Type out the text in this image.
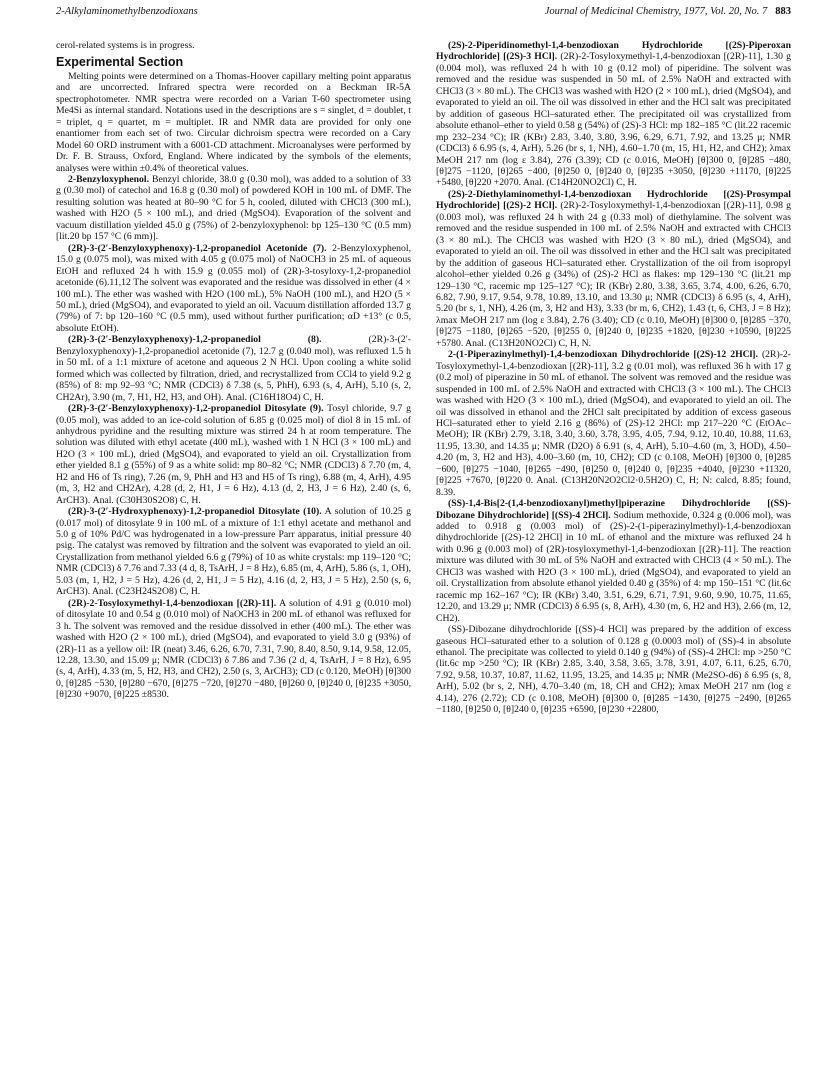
2-Alkylaminomethylbenzodioxans	Journal of Medicinal Chemistry, 1977, Vol. 20, No. 7 883

cerol-related systems is in progress.

Experimental Section

Melting points were determined on a Thomas-Hoover capillary melting point apparatus and are uncorrected. Infrared spectra were recorded on a Beckman IR-5A spectrophotometer. NMR spectra were recorded on a Varian T-60 spectrometer using Me4Si as internal standard. Notations used in the descriptions are s = singlet, d = doublet, t = triplet, q = quartet, m = multiplet. IR and NMR data are provided for only one enantiomer from each set of two. Circular dichroism spectra were recorded on a Cary Model 60 ORD instrument with a 6001-CD attachment. Microanalyses were performed by Dr. F. B. Strauss, Oxford, England. Where indicated by the symbols of the elements, analyses were within ±0.4% of theoretical values.

2-Benzyloxyphenol. Benzyl chloride, 38.0 g (0.30 mol), was added to a solution of 33 g (0.30 mol) of catechol and 16.8 g (0.30 mol) of powdered KOH in 100 mL of DMF. The resulting solution was heated at 80–90 °C for 5 h, cooled, diluted with CHCl3 (300 mL), washed with H2O (5 × 100 mL), and dried (MgSO4). Evaporation of the solvent and vacuum distillation yielded 45.0 g (75%) of 2-benzyloxyphenol: bp 125–130 °C (0.5 mm) [lit.20 bp 157 °C (6 mm)].

(2R)-3-(2′-Benzyloxyphenoxy)-1,2-propanediol Acetonide (7). 2-Benzyloxyphenol, 15.0 g (0.075 mol), was mixed with 4.05 g (0.075 mol) of NaOCH3 in 25 mL of aqueous EtOH and refluxed 24 h with 15.9 g (0.055 mol) of (2R)-3-tosyloxy-1,2-propanediol acetonide (6).11,12 The solvent was evaporated and the residue was dissolved in ether (4 × 100 mL). The ether was washed with H2O (100 mL), 5% NaOH (100 mL), and H2O (5 × 50 mL), dried (MgSO4), and evaporated to yield an oil. Vacuum distillation afforded 13.7 g (79%) of 7: bp 120–160 °C (0.5 mm), used without further purification; αD +13° (c 0.5, absolute EtOH).

(2R)-3-(2′-Benzyloxyphenoxy)-1,2-propanediol (8).	(2R)-3-(2′-Benzyloxyphenoxy)-1,2-propanediol acetonide (7), 12.7 g (0.040 mol), was refluxed 1.5 h in 50 mL of a 1:1 mixture of acetone and aqueous 2 N HCl. Upon cooling a white solid formed which was collected by filtration, dried, and recrystallized from CCl4 to yield 9.2 g (85%) of 8: mp 92–93 °C; NMR (CDCl3) δ 7.38 (s, 5, PhH), 6.93 (s, 4, ArH), 5.10 (s, 2, CH2Ar), 3.90 (m, 7, H1, H2, H3, and OH). Anal. (C16H18O4) C, H.

(2R)-3-(2′-Benzyloxyphenoxy)-1,2-propanediol Ditosylate (9). Tosyl chloride, 9.7 g (0.05 mol), was added to an ice-cold solution of 6.85 g (0.025 mol) of diol 8 in 15 mL of anhydrous pyridine and the resulting mixture was stirred 24 h at room temperature. The solution was diluted with ethyl acetate (400 mL), washed with 1 N HCl (3 × 100 mL) and H2O (3 × 100 mL), dried (MgSO4), and evaporated to yield an oil. Crystallization from ether yielded 8.1 g (55%) of 9 as a white solid: mp 80–82 °C; NMR (CDCl3) δ 7.70 (m, 4, H2 and H6 of Ts ring), 7.26 (m, 9, PhH and H3 and H5 of Ts ring), 6.88 (m, 4, ArH), 4.95 (m, 3, H2 and CH2Ar), 4.28 (d, 2, H1, J = 6 Hz), 4.13 (d, 2, H3, J = 6 Hz), 2.40 (s, 6, ArCH3). Anal. (C30H30S2O8) C, H.

(2R)-3-(2′-Hydroxyphenoxy)-1,2-propanediol Ditosylate (10). A solution of 10.25 g (0.017 mol) of ditosylate 9 in 100 mL of a mixture of 1:1 ethyl acetate and methanol and 5.0 g of 10% Pd/C was hydrogenated in a low-pressure Parr apparatus, initial pressure 40 psig. The catalyst was removed by filtration and the solvent was evaporated to yield an oil. Crystallization from methanol yielded 6.6 g (79%) of 10 as white crystals: mp 119–120 °C; NMR (CDCl3) δ 7.76 and 7.33 (4 d, 8, TsArH, J = 8 Hz), 6.85 (m, 4, ArH), 5.86 (s, 1, OH), 5.03 (m, 1, H2, J = 5 Hz), 4.26 (d, 2, H1, J = 5 Hz), 4.16 (d, 2, H3, J = 5 Hz), 2.50 (s, 6, ArCH3). Anal. (C23H24S2O8) C, H.

(2R)-2-Tosyloxymethyl-1,4-benzodioxan [(2R)-11]. A solution of 4.91 g (0.010 mol) of ditosylate 10 and 0.54 g (0.010 mol) of NaOCH3 in 200 mL of ethanol was refluxed for 3 h. The solvent was removed and the residue dissolved in ether (400 mL). The ether was washed with H2O (2 × 100 mL), dried (MgSO4), and evaporated to yield 3.0 g (93%) of (2R)-11 as a yellow oil: IR (neat) 3.46, 6.26, 6.70, 7.31, 7.90, 8.40, 8.50, 9.14, 9.58, 12.05, 12.28, 13.30, and 15.09 μ; NMR (CDCl3) δ 7.86 and 7.36 (2 d, 4, TsArH, J = 8 Hz), 6.95 (s, 4, ArH), 4.33 (m, 5, H2, H3, and CH2), 2.50 (s, 3, ArCH3); CD (c 0.120, MeOH) [θ]300 0, [θ]285 −530, [θ]280 −670, [θ]275 −720, [θ]270 −480, [θ]260 0, [θ]240 0, [θ]235 +3050, [θ]230 +9070, [θ]225 ±8530.

(2S)-2-Piperidinomethyl-1,4-benzodioxan Hydrochloride [(2S)-Piperoxan Hydrochloride] [(2S)-3 HCl]. (2R)-2-Tosyloxymethyl-1,4-benzodioxan [(2R)-11], 1.30 g (0.004 mol), was refluxed 24 h with 10 g (0.12 mol) of piperidine. The solvent was removed and the residue was suspended in 50 mL of 2.5% NaOH and extracted with CHCl3 (3 × 80 mL). The CHCl3 was washed with H2O (2 × 100 mL), dried (MgSO4), and evaporated to yield an oil. The oil was dissolved in ether and the HCl salt was precipitated by addition of gaseous HCl–saturated ether. The precipitated oil was crystallized from absolute ethanol–ether to yield 0.58 g (54%) of (2S)-3 HCl: mp 182–185 °C (lit.22 racemic mp 232–234 °C); IR (KBr) 2.83, 3.40, 3.80, 3.96, 6.29, 6.71, 7.92, and 13.25 μ; NMR (CDCl3) δ 6.95 (s, 4, ArH), 5.26 (br s, 1, NH), 4.60–1.70 (m, 15, H1, H2, and CH2); λmax MeOH 217 nm (log ε 3.84), 276 (3.39); CD (c 0.016, MeOH) [θ]300 0, [θ]285 −480, [θ]275 −1120, [θ]265 −400, [θ]250 0, [θ]240 0, [θ]235 +3050, [θ]230 +11170, [θ]225 +5480, [θ]220 +2070. Anal. (C14H20NO2Cl) C, H.

(2S)-2-Diethylaminomethyl-1,4-benzodioxan Hydrochloride [(2S)-Prosympal Hydrochloride] [(2S)-2 HCl]. (2R)-2-Tosyloxymethyl-1,4-benzodioxan [(2R)-11], 0.98 g (0.003 mol), was refluxed 24 h with 24 g (0.33 mol) of diethylamine. The solvent was removed and the residue suspended in 100 mL of 2.5% NaOH and extracted with CHCl3 (3 × 80 mL). The CHCl3 was washed with H2O (3 × 80 mL), dried (MgSO4), and evaporated to yield an oil. The oil was dissolved in ether and the HCl salt was precipitated by the addition of gaseous HCl–saturated ether. Crystallization of the oil from isopropyl alcohol–ether yielded 0.26 g (34%) of (2S)-2 HCl as flakes: mp 129–130 °C (lit.21 mp 129–130 °C, racemic mp 125–127 °C); IR (KBr) 2.80, 3.38, 3.65, 3.74, 4.00, 6.26, 6.70, 6.82, 7.90, 9.17, 9.54, 9.78, 10.89, 13.10, and 13.30 μ; NMR (CDCl3) δ 6.95 (s, 4, ArH), 5.20 (br s, 1, NH), 4.26 (m, 3, H2 and H3), 3.33 (br m, 6, CH2), 1.43 (t, 6, CH3, J = 8 Hz); λmax MeOH 217 nm (log ε 3.84), 2.76 (3.40); CD (c 0.10, MeOH) [θ]300 0, [θ]285 −370, [θ]275 −1180, [θ]265 −520, [θ]255 0, [θ]240 0, [θ]235 +1820, [θ]230 +10590, [θ]225 +5780. Anal. (C13H20NO2Cl) C, H, N.

2-(1-Piperazinylmethyl)-1,4-benzodioxan Dihydrochloride [(2S)-12 2HCl]. (2R)-2-Tosyloxymethyl-1,4-benzodioxan [(2R)-11], 3.2 g (0.01 mol), was refluxed 36 h with 17 g (0.2 mol) of piperazine in 50 mL of ethanol. The solvent was removed and the residue was suspended in 100 mL of 2.5% NaOH and extracted with CHCl3 (3 × 100 mL). The CHCl3 was washed with H2O (3 × 100 mL), dried (MgSO4), and evaporated to yield an oil. The oil was dissolved in ethanol and the 2HCl salt precipitated by addition of excess gaseous HCl–saturated ether to yield 2.16 g (86%) of (2S)-12 2HCl: mp 217–220 °C (EtOAc–MeOH); IR (KBr) 2.79, 3.18, 3.40, 3.60, 3.78, 3.95, 4.05, 7.94, 9.12, 10.40, 10.88, 11.63, 11.95, 13.30, and 14.35 μ; NMR (D2O) δ 6.91 (s, 4, ArH), 5.10–4.60 (m, 3, HOD), 4.50–4.20 (m, 3, H2 and H3), 4.00–3.60 (m, 10, CH2); CD (c 0.108, MeOH) [θ]300 0, [θ]285 −600, [θ]275 −1040, [θ]265 −490, [θ]250 0, [θ]240 0, [θ]235 +4040, [θ]230 +11320, [θ]225 +7670, [θ]220 0. Anal. (C13H20N2O2Cl2·0.5H2O) C, H; N: calcd, 8.85; found, 8.39.

(SS)-1,4-Bis[2-(1,4-benzodioxanyl)methyl]piperazine Dihydrochloride [(SS)-Dibozane Dihydrochloride] [(SS)-4 2HCl]. Sodium methoxide, 0.324 g (0.006 mol), was added to 0.918 g (0.003 mol) of (2S)-2-(1-piperazinylmethyl)-1,4-benzodioxan dihydrochloride [(2S)-12 2HCl] in 10 mL of ethanol and the mixture was refluxed 24 h with 0.96 g (0.003 mol) of (2R)-tosyloxymethyl-1,4-benzodioxan [(2R)-11]. The reaction mixture was diluted with 30 mL of 5% NaOH and extracted with CHCl3 (4 × 50 mL). The CHCl3 was washed with H2O (3 × 100 mL), dried (MgSO4), and evaporated to yield an oil. Crystallization from absolute ethanol yielded 0.40 g (35%) of 4: mp 150–151 °C (lit.6c racemic mp 162–167 °C); IR (KBr) 3.40, 3.51, 6.29, 6.71, 7.91, 9.60, 9.90, 10.75, 11.65, 12.20, and 13.29 μ; NMR (CDCl3) δ 6.95 (s, 8, ArH), 4.30 (m, 6, H2 and H3), 2.66 (m, 12, CH2).

(SS)-Dibozane dihydrochloride [(SS)-4 HCl] was prepared by the addition of excess gaseous HCl–saturated ether to a solution of 0.128 g (0.0003 mol) of (SS)-4 in absolute ethanol. The precipitate was collected to yield 0.140 g (94%) of (SS)-4 2HCl: mp >250 °C (lit.6c mp >250 °C); IR (KBr) 2.85, 3.40, 3.58, 3.65, 3.78, 3.91, 4.07, 6.11, 6.25, 6.70, 7.92, 9.58, 10.37, 10.87, 11.62, 11.95, 13.25, and 14.35 μ; NMR (Me2SO-d6) δ 6.95 (s, 8, ArH), 5.02 (br s, 2, NH), 4.70–3.40 (m, 18, CH and CH2); λmax MeOH 217 nm (log ε 4.14), 276 (2.72); CD (c 0.108, MeOH) [θ]300 0, [θ]285 −1430, [θ]275 −2490, [θ]265 −1180, [θ]250 0, [θ]240 0, [θ]235 +6590, [θ]230 +22800,
